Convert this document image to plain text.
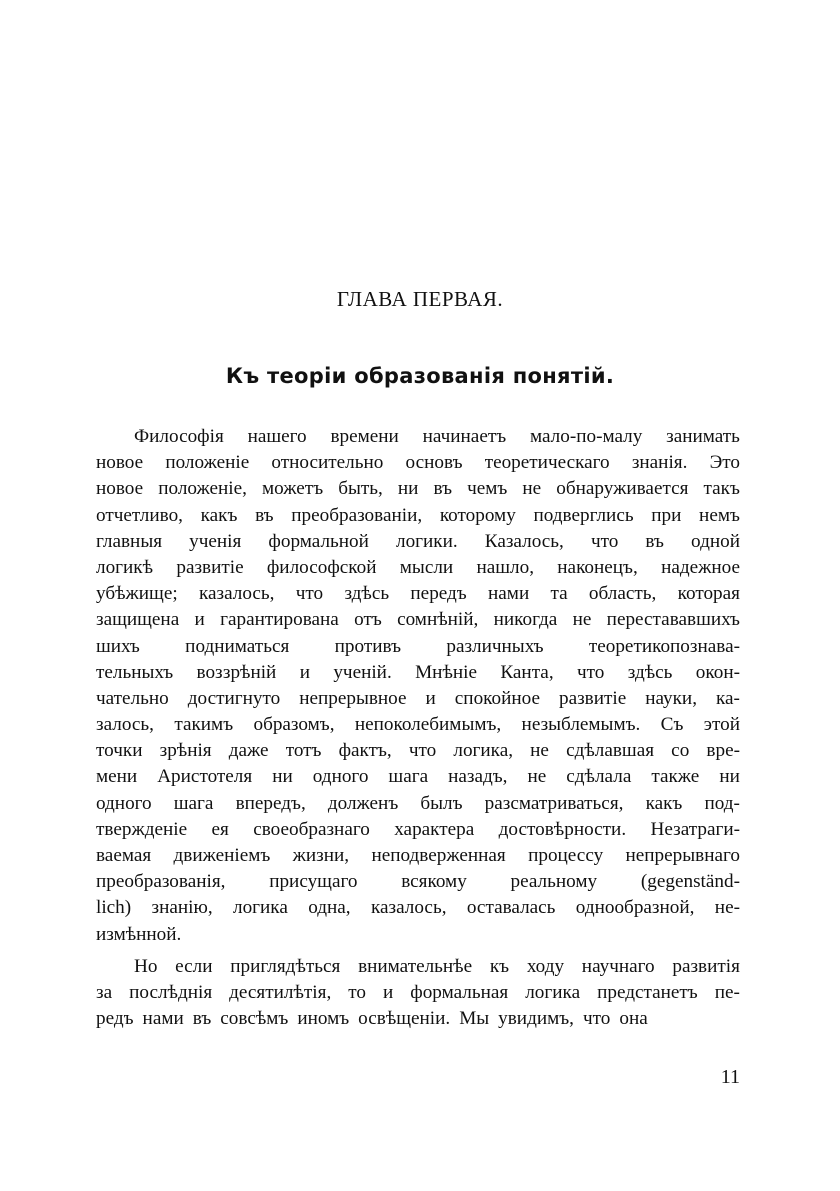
ГЛАВА ПЕРВАЯ.
Къ теоріи образованія понятій.
Философія нашего времени начинаетъ мало-по-малу занимать
новое положеніе относительно основъ теоретическаго знанія. Это
новое положеніе, можетъ быть, ни въ чемъ не обнаруживается такъ
отчетливо, какъ въ преобразованіи, которому подверглись при немъ
главныя ученія формальной логики. Казалось, что въ одной
логикѣ развитіе философской мысли нашло, наконецъ, надежное
убѣжище; казалось, что здѣсь передъ нами та область, которая
защищена и гарантирована отъ сомнѣній, никогда не перестававшихъ
шихъ подниматься противъ различныхъ теоретикопознава-
тельныхъ воззрѣній и ученій. Мнѣніе Канта, что здѣсь окон-
чательно достигнуто непрерывное и спокойное развитіе науки, ка-
залось, такимъ образомъ, непоколебимымъ, незыблемымъ. Съ этой
точки зрѣнія даже тотъ фактъ, что логика, не сдѣлавшая со вре-
мени Аристотеля ни одного шага назадъ, не сдѣлала также ни
одного шага впередъ, долженъ былъ разсматриваться, какъ под-
твержденіе ея своеобразнаго характера достовѣрности. Незатраги-
ваемая движеніемъ жизни, неподверженная процессу непрерывнаго
преобразованія, присущаго всякому реальному (gegenständ-
lich) знанію, логика одна, казалось, оставалась однообразной, не-
измѣнной.
Но если приглядѣться внимательнѣе къ ходу научнаго развитія
за послѣднія десятилѣтія, то и формальная логика предстанетъ пе-
редъ нами въ совсѣмъ иномъ освѣщеніи. Мы увидимъ, что она
11
